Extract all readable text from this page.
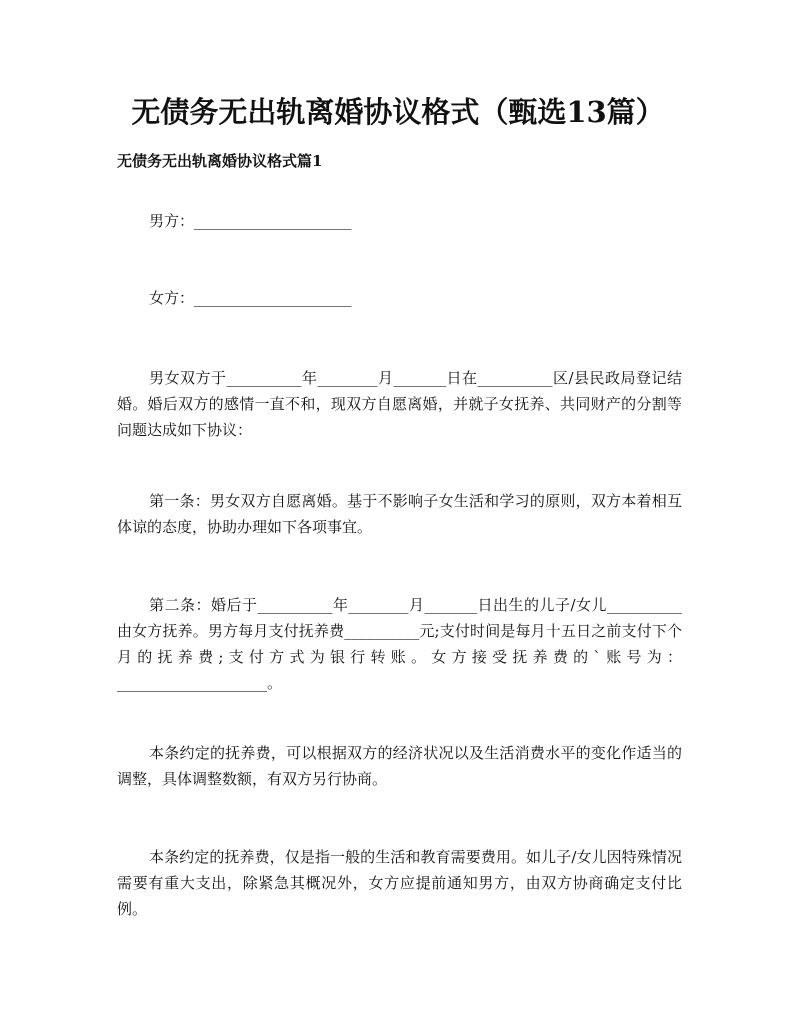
无债务无出轨离婚协议格式（甄选13篇）
无债务无出轨离婚协议格式篇1

男方：_____________________

女方：_____________________

男女双方于__________年________月_______日在__________区/县民政局登记结婚。婚后双方的感情一直不和，现双方自愿离婚，并就子女抚养、共同财产的分割等问题达成如下协议：

第一条：男女双方自愿离婚。基于不影响子女生活和学习的原则，双方本着相互体谅的态度，协助办理如下各项事宜。

第二条：婚后于__________年________月_______日出生的儿子/女儿__________由女方抚养。男方每月支付抚养费__________元;支付时间是每月十五日之前支付下个月的抚养费;支付方式为银行转账。女方接受抚养费的`账号为：____________________。

本条约定的抚养费，可以根据双方的经济状况以及生活消费水平的变化作适当的调整，具体调整数额，有双方另行协商。

本条约定的抚养费，仅是指一般的生活和教育需要费用。如儿子/女儿因特殊情况需要有重大支出，除紧急其概况外，女方应提前通知男方，由双方协商确定支付比例。
